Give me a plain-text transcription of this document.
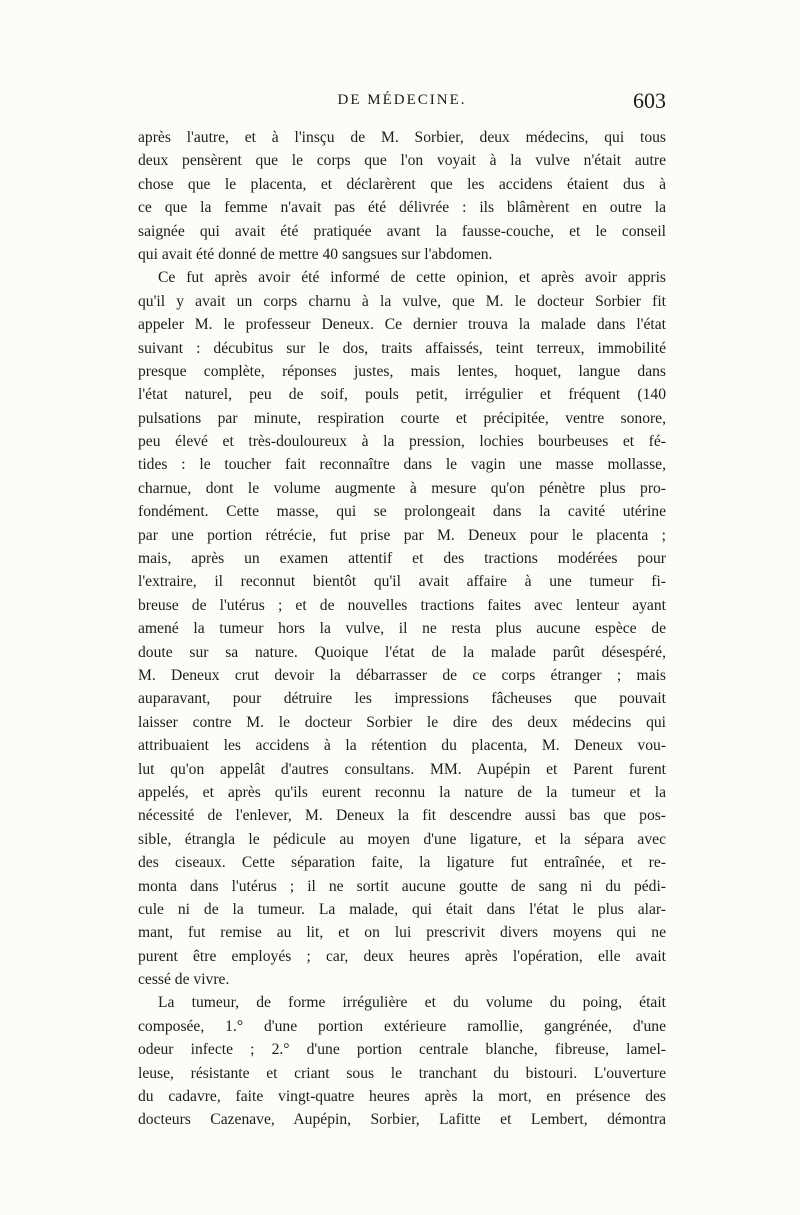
DE MÉDECINE.	603
après l'autre, et à l'insçu de M. Sorbier, deux médecins, qui tous
deux pensèrent que le corps que l'on voyait à la vulve n'était autre
chose que le placenta, et déclarèrent que les accidens étaient dus à
ce que la femme n'avait pas été délivrée : ils blâmèrent en outre la
saignée qui avait été pratiquée avant la fausse-couche, et le conseil
qui avait été donné de mettre 40 sangsues sur l'abdomen.
Ce fut après avoir été informé de cette opinion, et après avoir appris
qu'il y avait un corps charnu à la vulve, que M. le docteur Sorbier fit
appeler M. le professeur Deneux. Ce dernier trouva la malade dans l'état
suivant : décubitus sur le dos, traits affaissés, teint terreux, immobilité
presque complète, réponses justes, mais lentes, hoquet, langue dans
l'état naturel, peu de soif, pouls petit, irrégulier et fréquent (140
pulsations par minute, respiration courte et précipitée, ventre sonore,
peu élevé et très-douloureux à la pression, lochies bourbeuses et fé-
tides : le toucher fait reconnaître dans le vagin une masse mollasse,
charnue, dont le volume augmente à mesure qu'on pénètre plus pro-
fondément. Cette masse, qui se prolongeait dans la cavité utérine
par une portion rétrécie, fut prise par M. Deneux pour le placenta ;
mais, après un examen attentif et des tractions modérées pour
l'extraire, il reconnut bientôt qu'il avait affaire à une tumeur fi-
breuse de l'utérus ; et de nouvelles tractions faites avec lenteur ayant
amené la tumeur hors la vulve, il ne resta plus aucune espèce de
doute sur sa nature. Quoique l'état de la malade parût désespéré,
M. Deneux crut devoir la débarrasser de ce corps étranger ; mais
auparavant, pour détruire les impressions fâcheuses que pouvait
laisser contre M. le docteur Sorbier le dire des deux médecins qui
attribuaient les accidens à la rétention du placenta, M. Deneux vou-
lut qu'on appelât d'autres consultans. MM. Aupépin et Parent furent
appelés, et après qu'ils eurent reconnu la nature de la tumeur et la
nécessité de l'enlever, M. Deneux la fit descendre aussi bas que pos-
sible, étrangla le pédicule au moyen d'une ligature, et la sépara avec
des ciseaux. Cette séparation faite, la ligature fut entraînée, et re-
monta dans l'utérus ; il ne sortit aucune goutte de sang ni du pédi-
cule ni de la tumeur. La malade, qui était dans l'état le plus alar-
mant, fut remise au lit, et on lui prescrivit divers moyens qui ne
purent être employés ; car, deux heures après l'opération, elle avait
cessé de vivre.
La tumeur, de forme irrégulière et du volume du poing, était
composée, 1.° d'une portion extérieure ramollie, gangrénée, d'une
odeur infecte ; 2.° d'une portion centrale blanche, fibreuse, lamel-
leuse, résistante et criant sous le tranchant du bistouri. L'ouverture
du cadavre, faite vingt-quatre heures après la mort, en présence des
docteurs Cazenave, Aupépin, Sorbier, Lafitte et Lembert, démontra
